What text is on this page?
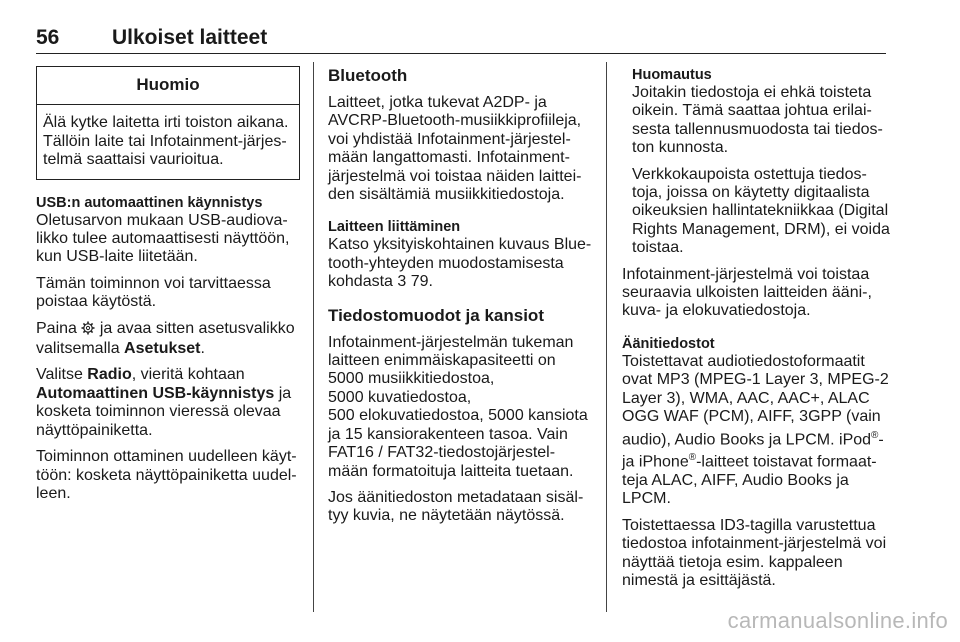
56	Ulkoiset laitteet
Huomio
Älä kytke laitetta irti toiston aikana.
Tällöin laite tai Infotainment-järjes-
telmä saattaisi vaurioitua.
USB:n automaattinen käynnistys
Oletusarvon mukaan USB-audiova-
likko tulee automaattisesti näyttöön,
kun USB-laite liitetään.
Tämän toiminnon voi tarvittaessa
poistaa käytöstä.
Paina  ja avaa sitten asetusvalikko
valitsemalla Asetukset.
Valitse Radio, vieritä kohtaan
Automaattinen USB-käynnistys ja
kosketa toiminnon vieressä olevaa
näyttöpainiketta.
Toiminnon ottaminen uudelleen käyt-
töön: kosketa näyttöpainiketta uudel-
leen.
Bluetooth
Laitteet, jotka tukevat A2DP- ja
AVCRP-Bluetooth-musiikkiprofiileja,
voi yhdistää Infotainment-järjestel-
mään langattomasti. Infotainment-
järjestelmä voi toistaa näiden laittei-
den sisältämiä musiikkitiedostoja.
Laitteen liittäminen
Katso yksityiskohtainen kuvaus Blue-
tooth-yhteyden muodostamisesta
kohdasta 3 79.
Tiedostomuodot ja kansiot
Infotainment-järjestelmän tukeman
laitteen enimmäiskapasiteetti on
5000 musiikkitiedostoa,
5000 kuvatiedostoa,
500 elokuvatiedostoa, 5000 kansiota
ja 15 kansiorakenteen tasoa. Vain
FAT16 / FAT32-tiedostojärjestel-
mään formatoituja laitteita tuetaan.
Jos äänitiedoston metadataan sisäl-
tyy kuvia, ne näytetään näytössä.
Huomautus
Joitakin tiedostoja ei ehkä toisteta
oikein. Tämä saattaa johtua erilai-
sesta tallennusmuodosta tai tiedos-
ton kunnosta.
Verkkokaupoista ostettuja tiedos-
toja, joissa on käytetty digitaalista
oikeuksien hallintatekniikkaa (Digital
Rights Management, DRM), ei voida
toistaa.
Infotainment-järjestelmä voi toistaa
seuraavia ulkoisten laitteiden ääni-,
kuva- ja elokuvatiedostoja.
Äänitiedostot
Toistettavat audiotiedostoformaatit
ovat MP3 (MPEG-1 Layer 3, MPEG-2
Layer 3), WMA, AAC, AAC+, ALAC
OGG WAF (PCM), AIFF, 3GPP (vain
audio), Audio Books ja LPCM. iPod®-
ja iPhone®-laitteet toistavat formaat-
teja ALAC, AIFF, Audio Books ja
LPCM.
Toistettaessa ID3-tagilla varustettua
tiedostoa infotainment-järjestelmä voi
näyttää tietoja esim. kappaleen
nimestä ja esittäjästä.
carmanualsonline.info
